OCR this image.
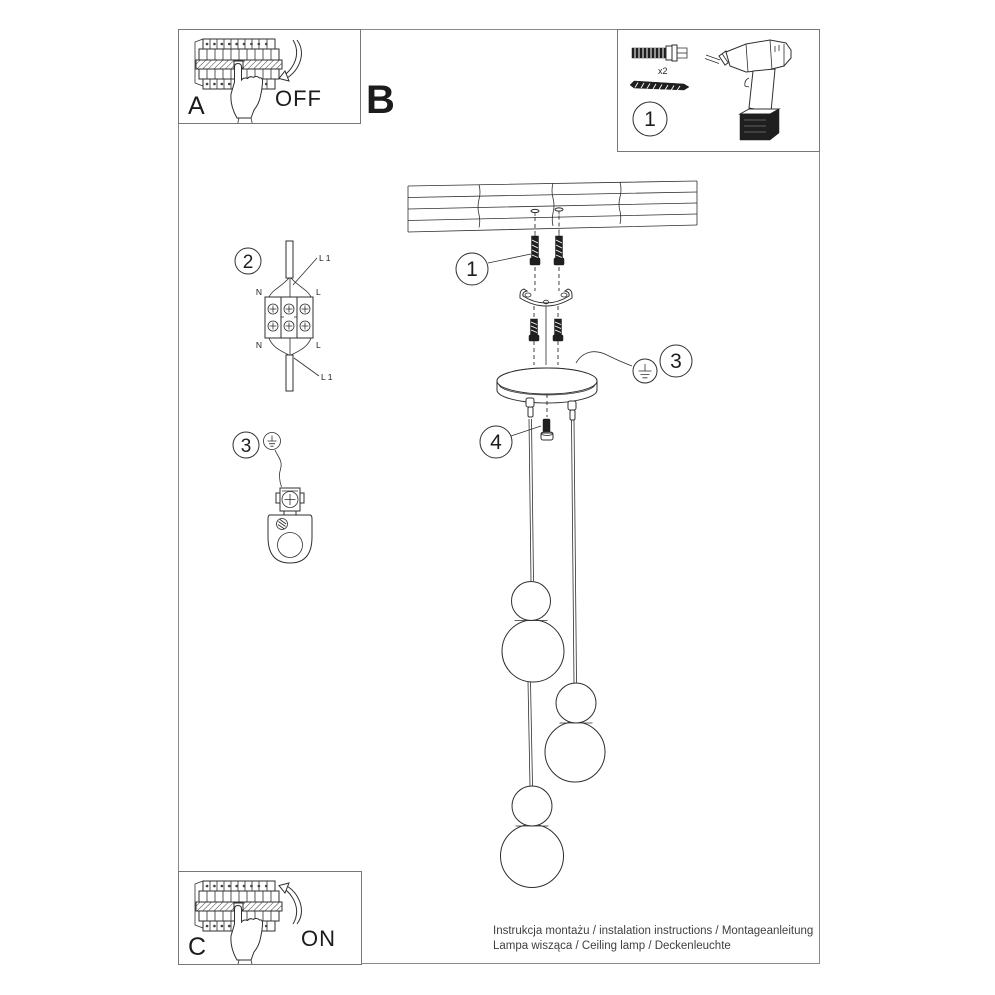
OFF
A	B
x2
1
2	L 1
N	L
N	L
L 1
3
1
3
4
Instrukcja montażu / instalation instructions / Montageanleitung
Lampa wisząca / Ceiling lamp / Deckenleuchte
ON
C
